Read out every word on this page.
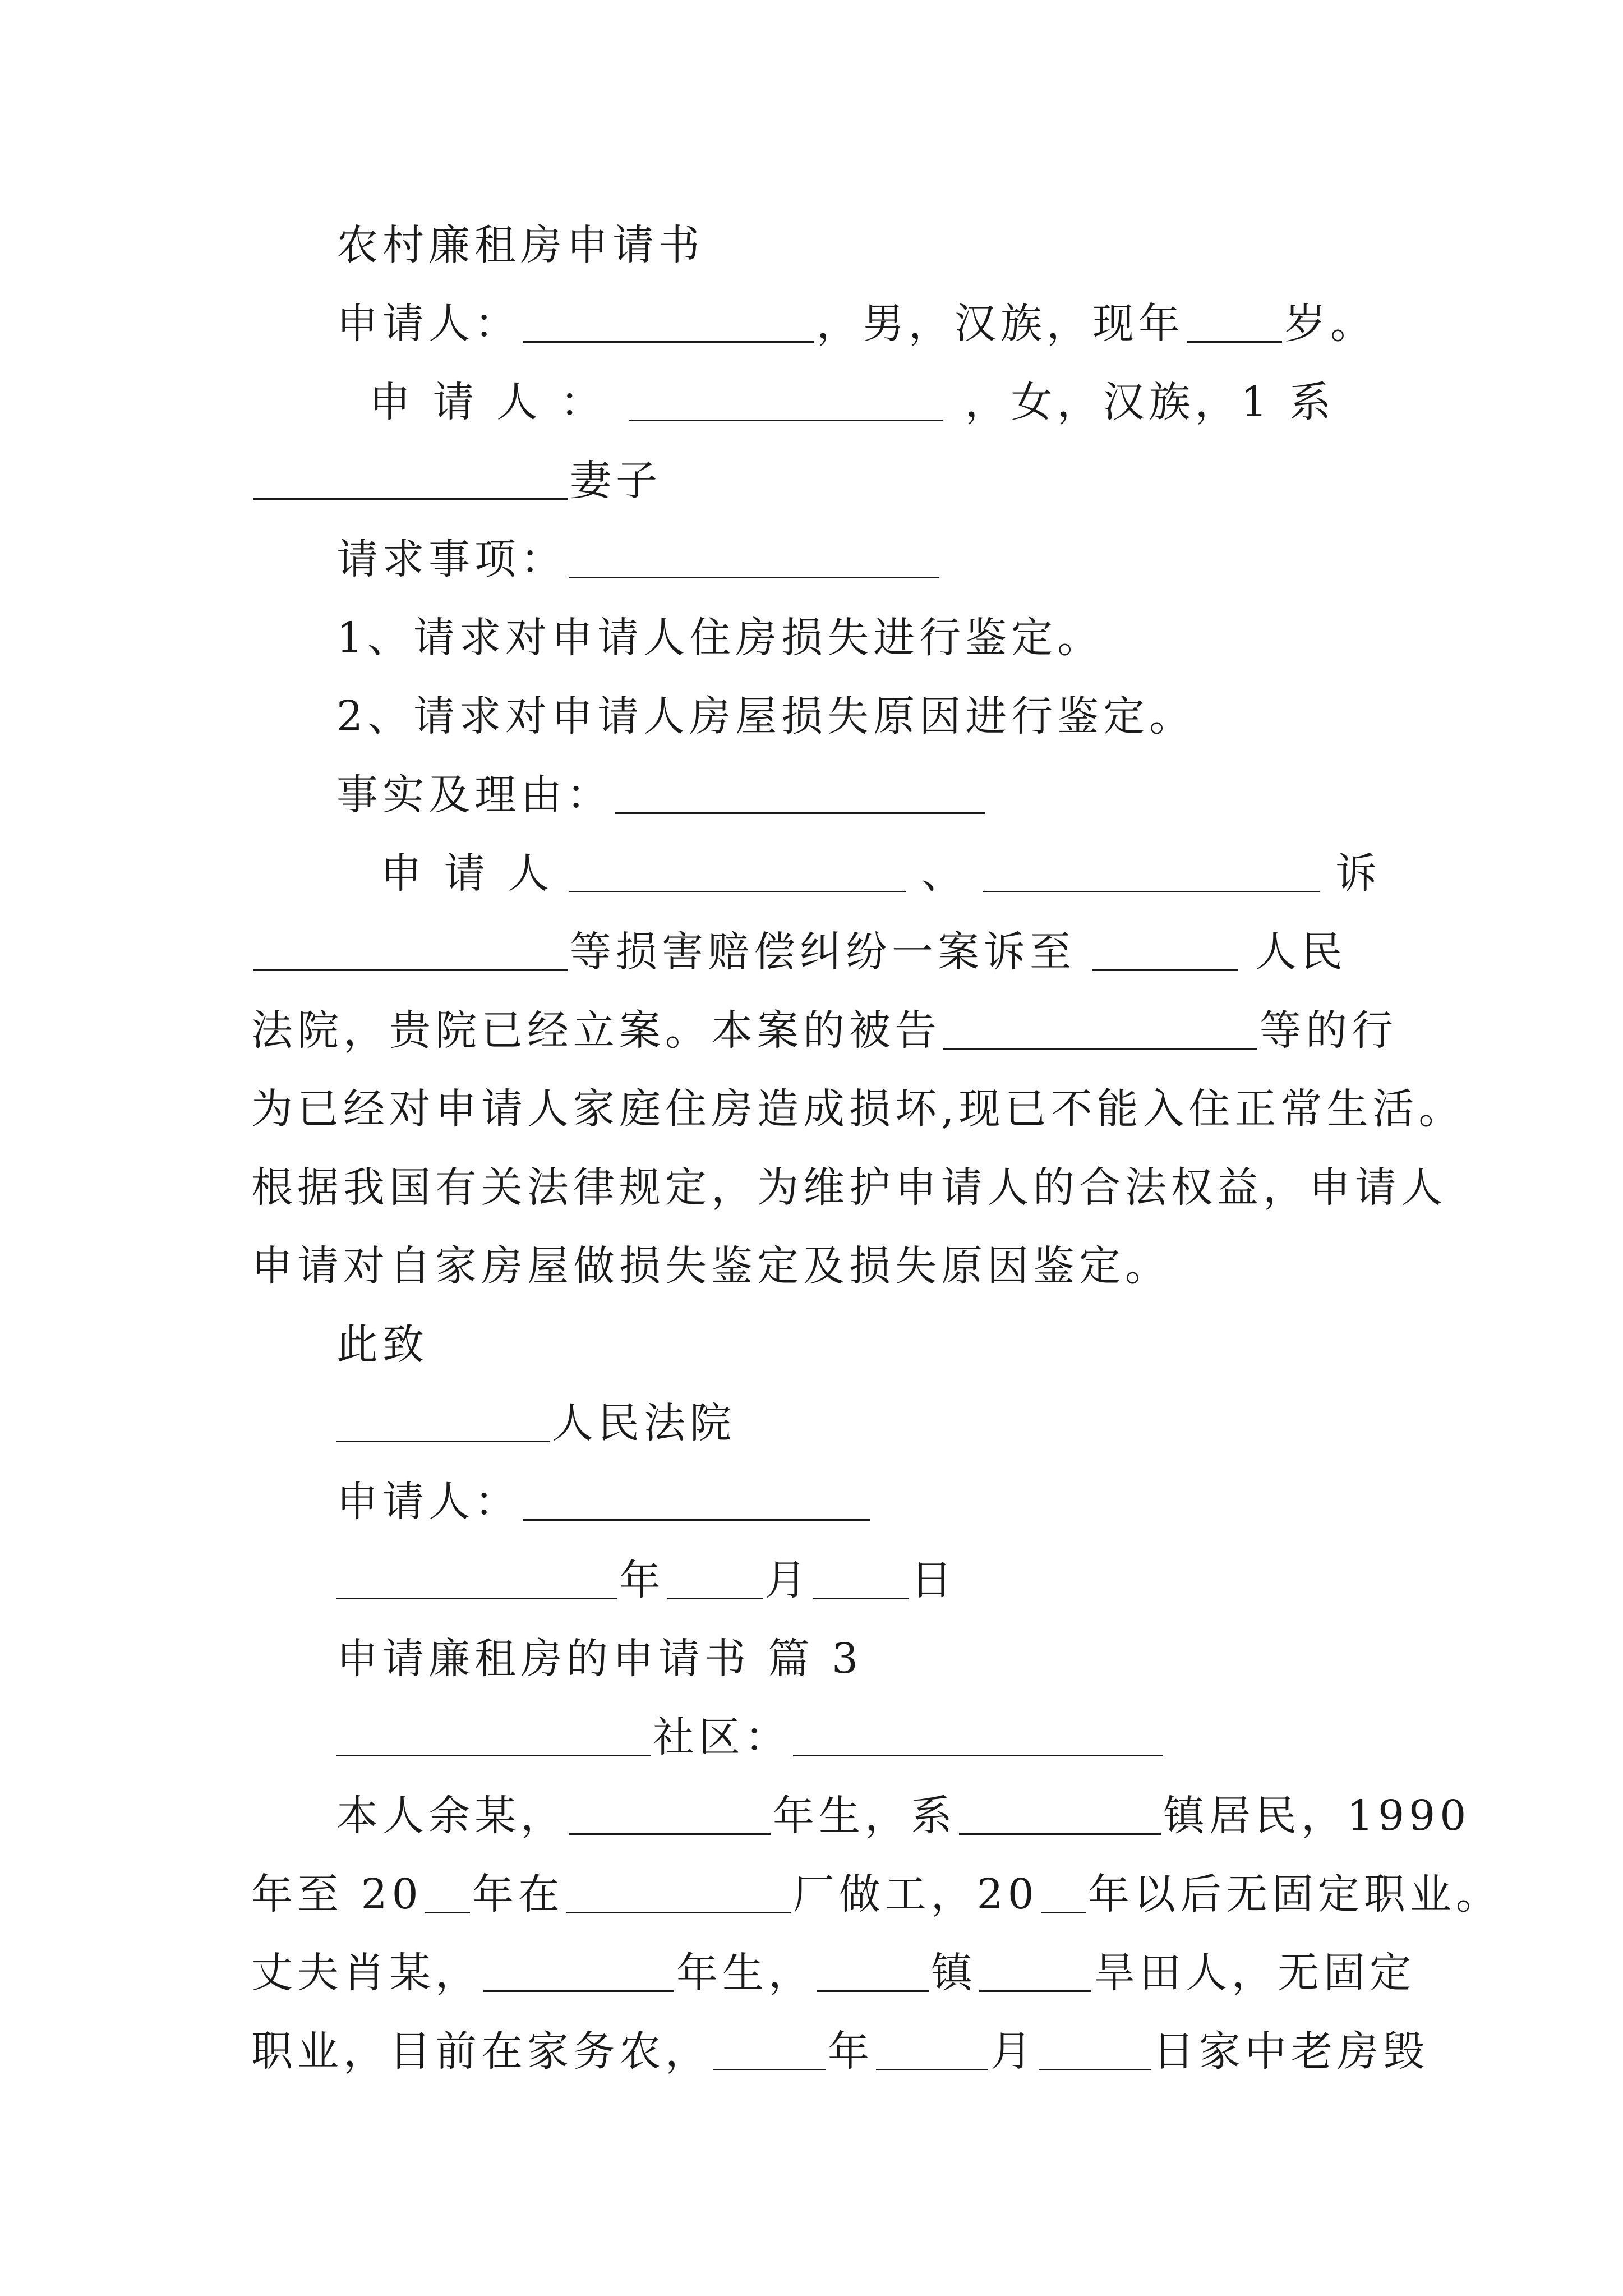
农村廉租房申请书
申请人：	，男，汉族，现年 岁。
申 请 人 ：	，女，汉族，1 系
妻子
请求事项：
1、请求对申请人住房损失进行鉴定。
2、请求对申请人房屋损失原因进行鉴定。
事实及理由：
申 请 人	、	诉
等损害赔偿纠纷一案诉至	人民
法院，贵院已经立案。本案的被告	等的行
为已经对申请人家庭住房造成损坏,现已不能入住正常生活。
根据我国有关法律规定，为维护申请人的合法权益，申请人
申请对自家房屋做损失鉴定及损失原因鉴定。
此致
人民法院
申请人：
年 月 日
申请廉租房的申请书 篇 3
社区：
本人余某，	年生，系	镇居民，1990
年至 20 年在	厂做工，20 年以后无固定职业。
丈夫肖某，	年生，	镇	旱田人，无固定
职业，目前在家务农，	年	月	日家中老房毁
